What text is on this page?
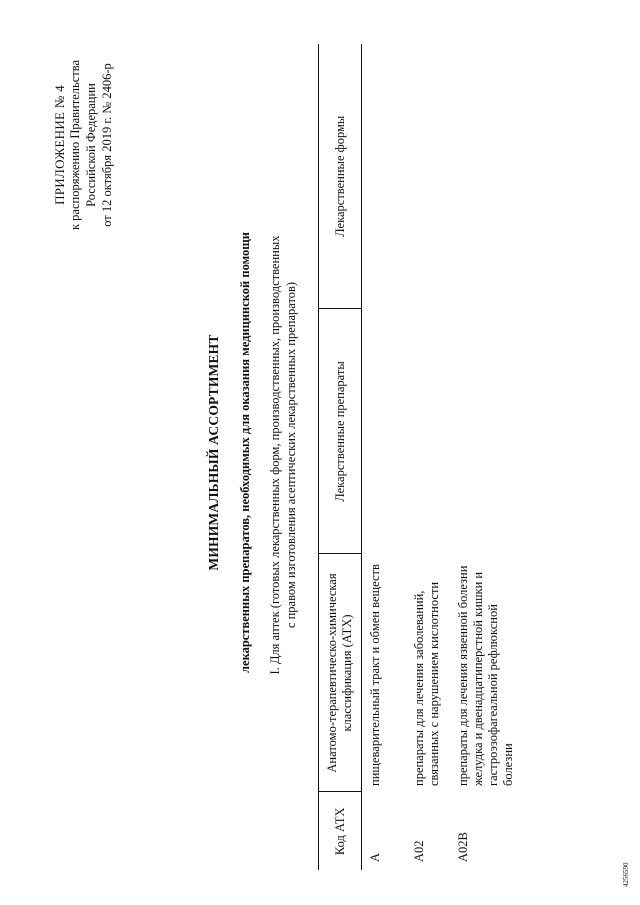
ПРИЛОЖЕНИЕ № 4 к распоряжению Правительства Российской Федерации от 12 октября 2019 г. № 2406-р
МИНИМАЛЬНЫЙ АССОРТИМЕНТ лекарственных препаратов, необходимых для оказания медицинской помощи I. Для аптек (готовых лекарственных форм, производственных, производственных с правом изготовления асептических лекарственных препаратов)
Код АТХ	Анатомо-терапевтическо-химическая классификация (АТХ)	Лекарственные препараты	Лекарственные формы
A	пищеварительный тракт и обмен веществ		
A02	препараты для лечения заболеваний, связанных с нарушением кислотности		
A02B	препараты для лечения язвенной болезни желудка и двенадцатиперстной кишки и гастроэзофагеальной рефлюксной болезни		
4256590
